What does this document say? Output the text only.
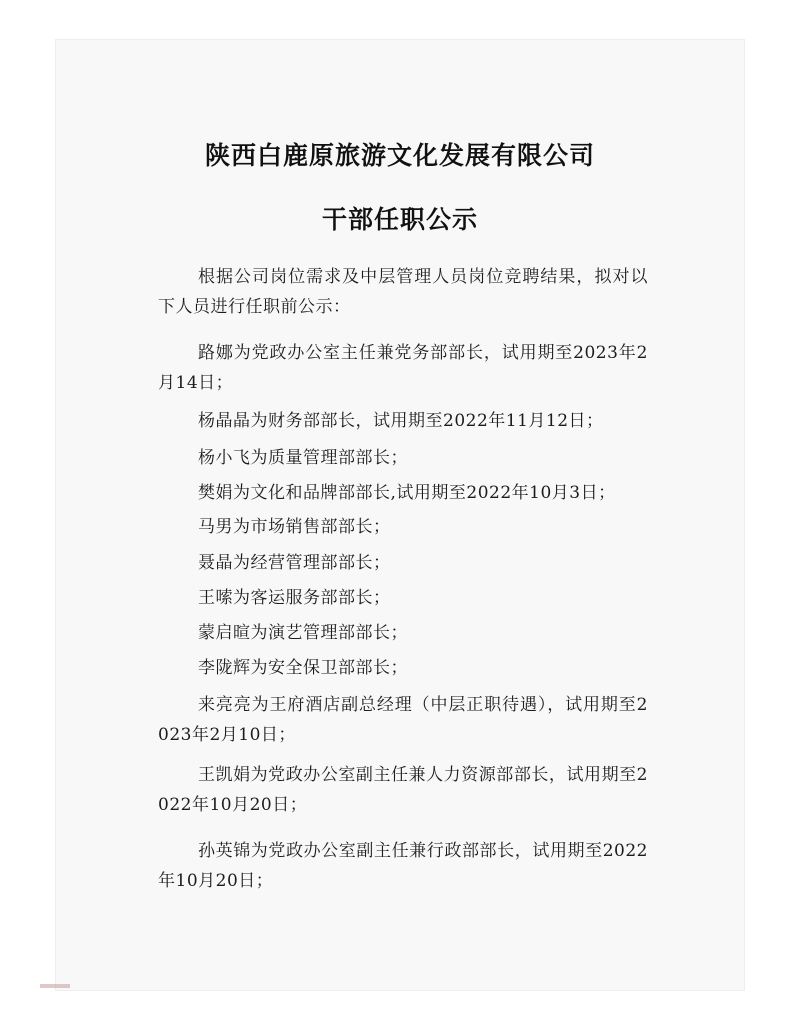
陕西白鹿原旅游文化发展有限公司
干部任职公示
根据公司岗位需求及中层管理人员岗位竞聘结果，拟对以下人员进行任职前公示：
路娜为党政办公室主任兼党务部部长，试用期至2023年2月14日；
杨晶晶为财务部部长，试用期至2022年11月12日；
杨小飞为质量管理部部长；
樊娟为文化和品牌部部长,试用期至2022年10月3日；
马男为市场销售部部长；
聂晶为经营管理部部长；
王嗦为客运服务部部长；
蒙启暄为演艺管理部部长；
李陇辉为安全保卫部部长；
来亮亮为王府酒店副总经理（中层正职待遇），试用期至2023年2月10日；
王凯娟为党政办公室副主任兼人力资源部部长，试用期至2022年10月20日；
孙英锦为党政办公室副主任兼行政部部长，试用期至2022年10月20日；
